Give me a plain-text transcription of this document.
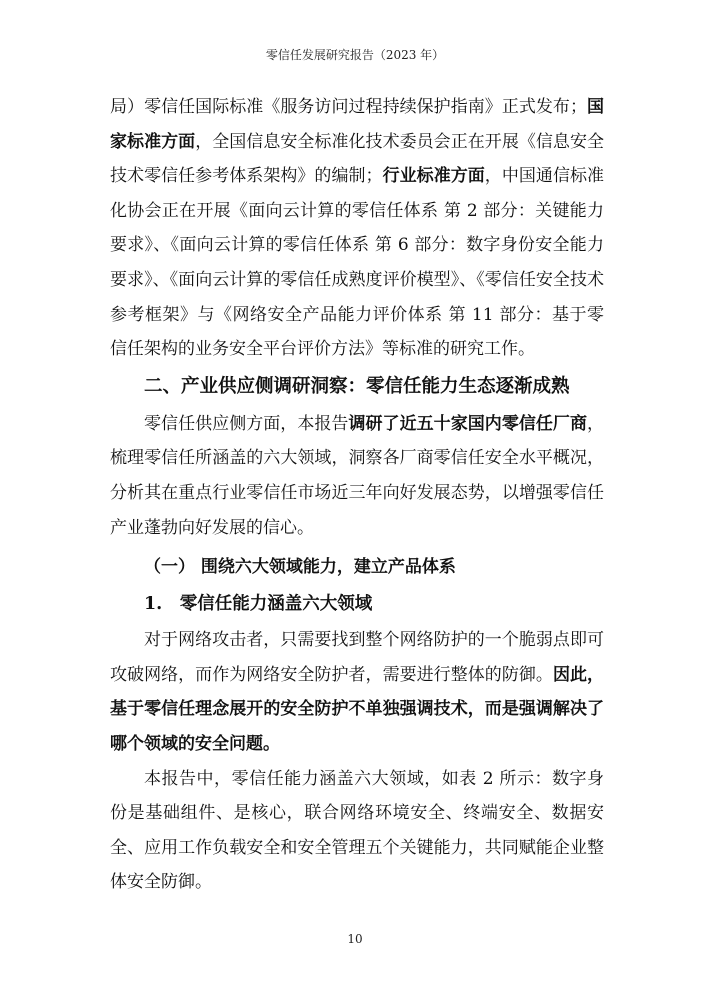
零信任发展研究报告（2023 年）

局）零信任国际标准《服务访问过程持续保护指南》正式发布；国家标准方面，全国信息安全标准化技术委员会正在开展《信息安全技术零信任参考体系架构》的编制；行业标准方面，中国通信标准化协会正在开展《面向云计算的零信任体系 第 2 部分：关键能力要求》、《面向云计算的零信任体系 第 6 部分：数字身份安全能力要求》、《面向云计算的零信任成熟度评价模型》、《零信任安全技术参考框架》与《网络安全产品能力评价体系 第 11 部分：基于零信任架构的业务安全平台评价方法》等标准的研究工作。

二、产业供应侧调研洞察：零信任能力生态逐渐成熟

零信任供应侧方面，本报告调研了近五十家国内零信任厂商，梳理零信任所涵盖的六大领域，洞察各厂商零信任安全水平概况，分析其在重点行业零信任市场近三年向好发展态势，以增强零信任产业蓬勃向好发展的信心。

（一） 围绕六大领域能力，建立产品体系
1.　零信任能力涵盖六大领域

对于网络攻击者，只需要找到整个网络防护的一个脆弱点即可攻破网络，而作为网络安全防护者，需要进行整体的防御。因此，基于零信任理念展开的安全防护不单独强调技术，而是强调解决了哪个领域的安全问题。

本报告中，零信任能力涵盖六大领域，如表 2 所示：数字身份是基础组件、是核心，联合网络环境安全、终端安全、数据安全、应用工作负载安全和安全管理五个关键能力，共同赋能企业整体安全防御。

10
